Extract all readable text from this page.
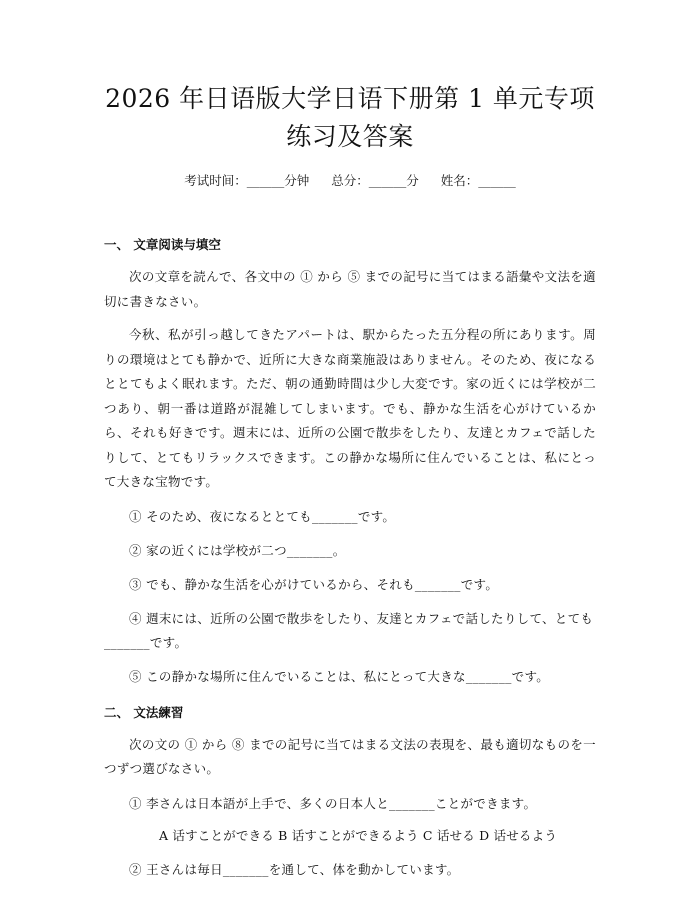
2026 年日语版大学日语下册第 1 单元专项练习及答案
考试时间：______分钟 总分：______分 姓名：______
一、 文章阅读与填空

次の文章を読んで、各文中の ① から ⑤ までの記号に当てはまる語彙や文法を適切に書きなさい。

今秋、私が引っ越してきたアパートは、駅からたった五分程の所にあります。周りの環境はとても静かで、近所に大きな商業施設はありません。そのため、夜になるととてもよく眠れます。ただ、朝の通勤時間は少し大変です。家の近くには学校が二つあり、朝一番は道路が混雑してしまいます。でも、静かな生活を心がけているから、それも好きです。週末には、近所の公園で散歩をしたり、友達とカフェで話したりして、とてもリラックスできます。この静かな場所に住んでいることは、私にとって大きな宝物です。

① そのため、夜になるととても_______です。

② 家の近くには学校が二つ_______。

③ でも、静かな生活を心がけているから、それも_______です。

④ 週末には、近所の公園で散歩をしたり、友達とカフェで話したりして、とても_______です。

⑤ この静かな場所に住んでいることは、私にとって大きな_______です。

二、 文法練習

次の文の ① から ⑧ までの記号に当てはまる文法の表現を、最も適切なものを一つずつ選びなさい。

① 李さんは日本語が上手で、多くの日本人と_______ことができます。

A 话すことができる B 话すことができるよう C 话せる D 话せるよう

② 王さんは毎日_______を通して、体を動かしています。
